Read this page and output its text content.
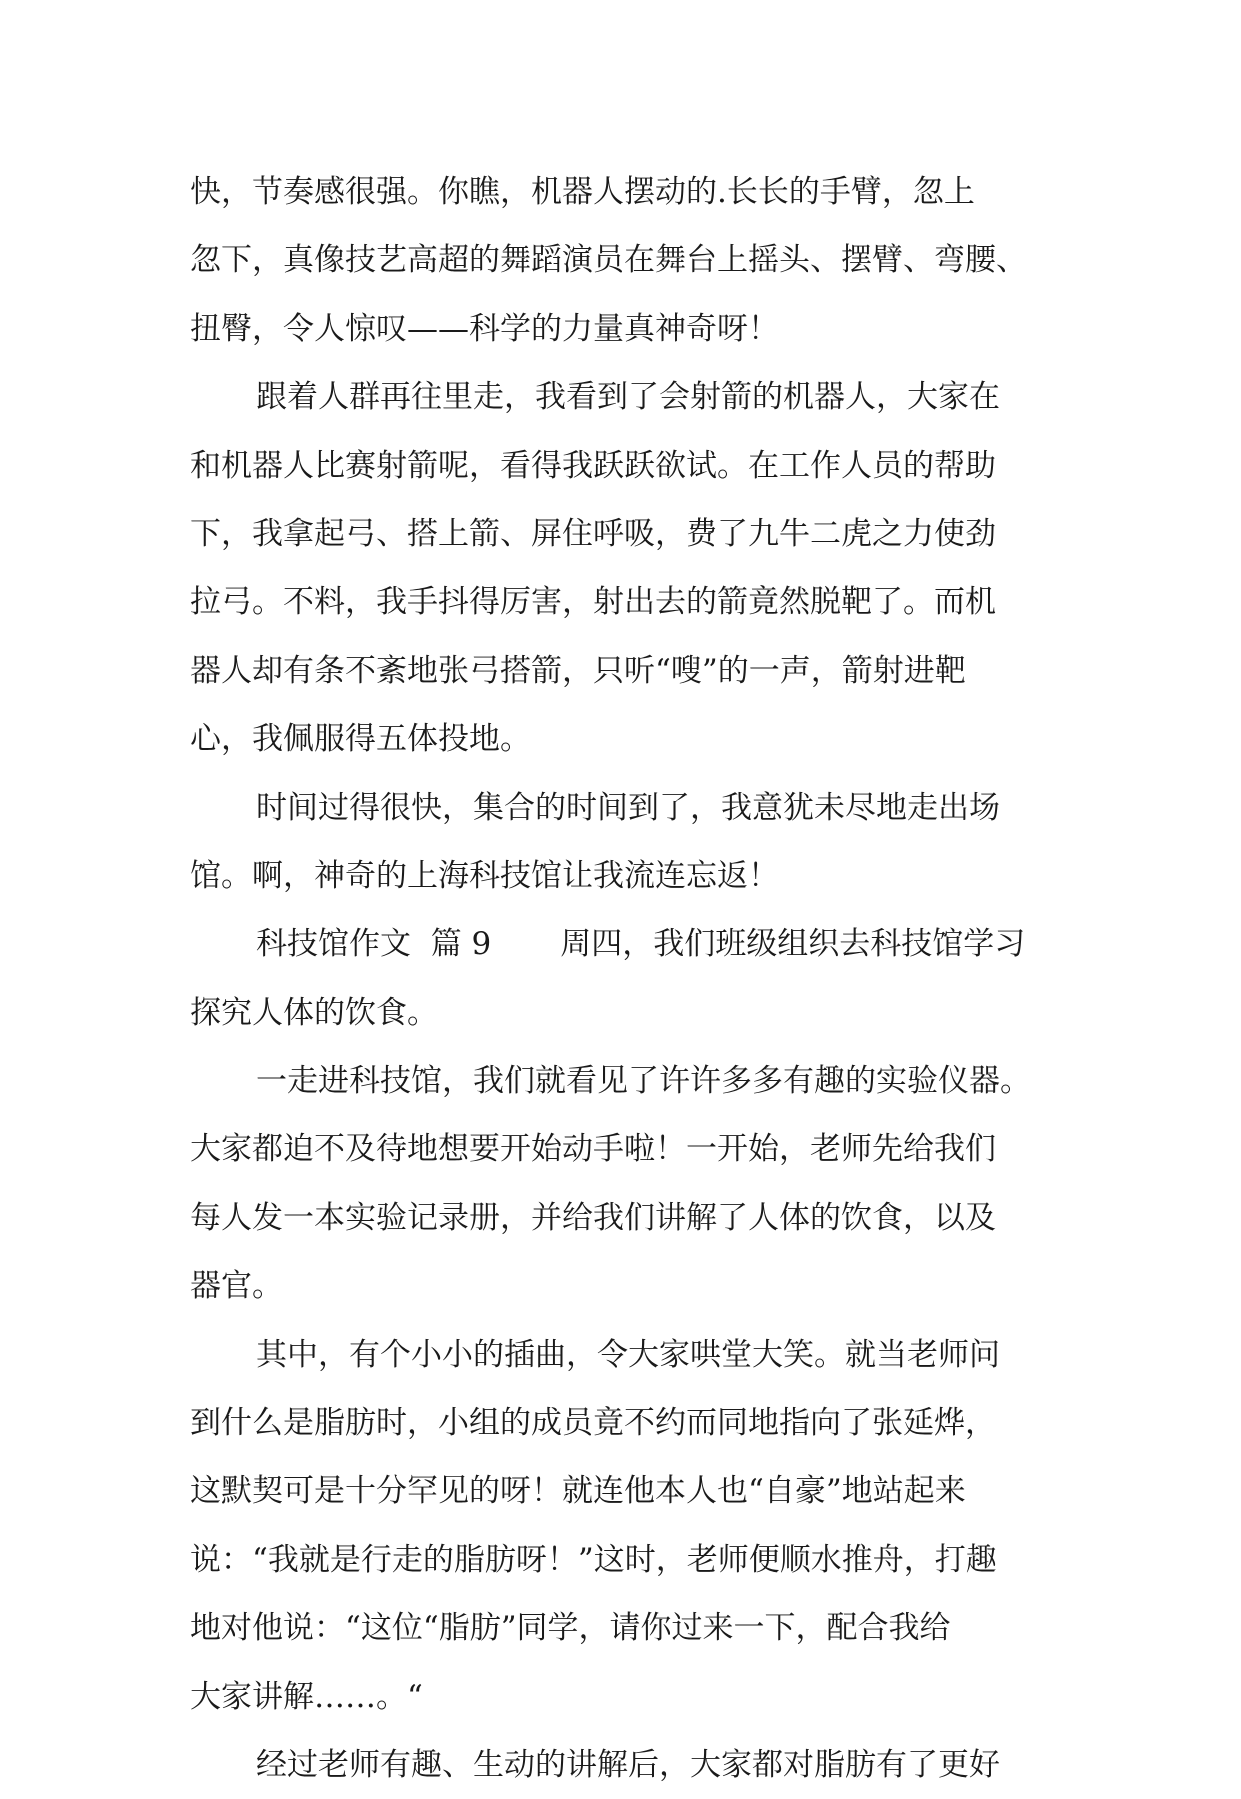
快，节奏感很强。你瞧，机器人摆动的.长长的手臂，忽上
忽下，真像技艺高超的舞蹈演员在舞台上摇头、摆臂、弯腰、
扭臀，令人惊叹——科学的力量真神奇呀！
跟着人群再往里走，我看到了会射箭的机器人，大家在
和机器人比赛射箭呢，看得我跃跃欲试。在工作人员的帮助
下，我拿起弓、搭上箭、屏住呼吸，费了九牛二虎之力使劲
拉弓。不料，我手抖得厉害，射出去的箭竟然脱靶了。而机
器人却有条不紊地张弓搭箭，只听“嗖”的一声，箭射进靶
心，我佩服得五体投地。
时间过得很快，集合的时间到了，我意犹未尽地走出场
馆。啊，神奇的上海科技馆让我流连忘返！
科技馆作文  篇 9       周四，我们班级组织去科技馆学习
探究人体的饮食。
一走进科技馆，我们就看见了许许多多有趣的实验仪器。
大家都迫不及待地想要开始动手啦！一开始，老师先给我们
每人发一本实验记录册，并给我们讲解了人体的饮食，以及
器官。
其中，有个小小的插曲，令大家哄堂大笑。就当老师问
到什么是脂肪时，小组的成员竟不约而同地指向了张延烨，
这默契可是十分罕见的呀！就连他本人也“自豪”地站起来
说：“我就是行走的脂肪呀！”这时，老师便顺水推舟，打趣
地对他说：“这位“脂肪”同学，请你过来一下，配合我给
大家讲解……。“
经过老师有趣、生动的讲解后，大家都对脂肪有了更好
